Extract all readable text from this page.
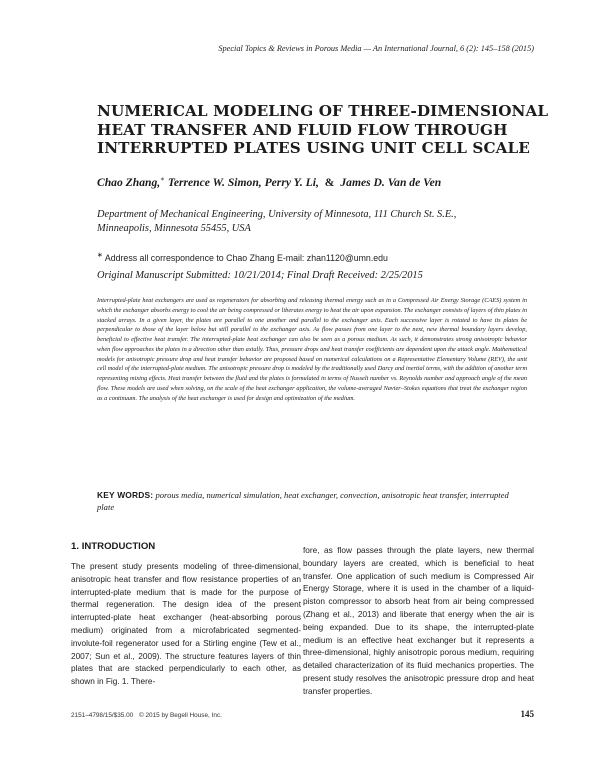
Special Topics & Reviews in Porous Media — An International Journal, 6 (2): 145–158 (2015)
NUMERICAL MODELING OF THREE-DIMENSIONAL
HEAT TRANSFER AND FLUID FLOW THROUGH
INTERRUPTED PLATES USING UNIT CELL SCALE
Chao Zhang,∗ Terrence W. Simon, Perry Y. Li, & James D. Van de Ven
Department of Mechanical Engineering, University of Minnesota, 111 Church St. S.E.,
Minneapolis, Minnesota 55455, USA
∗ Address all correspondence to Chao Zhang E-mail: zhan1120@umn.edu
Original Manuscript Submitted: 10/21/2014; Final Draft Received: 2/25/2015

Interrupted-plate heat exchangers are used as regenerators for absorbing and releasing thermal energy such as in a Compressed Air Energy Storage (CAES) system in which the exchanger absorbs energy to cool the air being compressed or liberates energy to heat the air upon expansion. The exchanger consists of layers of thin plates in stacked arrays. In a given layer, the plates are parallel to one another and parallel to the exchanger axis. Each successive layer is rotated to have its plates be perpendicular to those of the layer below but still parallel to the exchanger axis. As flow passes from one layer to the next, new thermal boundary layers develop, beneficial to effective heat transfer. The interrupted-plate heat exchanger can also be seen as a porous medium. As such, it demonstrates strong anisotropic behavior when flow approaches the plates in a direction other than axially. Thus, pressure drops and heat transfer coefficients are dependent upon the attack angle. Mathematical models for anisotropic pressure drop and heat transfer behavior are proposed based on numerical calculations on a Representative Elementary Volume (REV), the unit cell model of the interrupted-plate medium. The anisotropic pressure drop is modeled by the traditionally used Darcy and inertial terms, with the addition of another term representing mixing effects. Heat transfer between the fluid and the plates is formulated in terms of Nusselt number vs. Reynolds number and approach angle of the mean flow. These models are used when solving, on the scale of the heat exchanger application, the volume-averaged Navier–Stokes equations that treat the exchanger region as a continuum. The analysis of the heat exchanger is used for design and optimization of the medium.

KEY WORDS: porous media, numerical simulation, heat exchanger, convection, anisotropic heat transfer, interrupted plate

1. INTRODUCTION

The present study presents modeling of three-dimensional, anisotropic heat transfer and flow resistance properties of an interrupted-plate medium that is made for the purpose of thermal regeneration. The design idea of the present interrupted-plate heat exchanger (heat-absorbing porous medium) originated from a microfabricated segmented-involute-foil regenerator used for a Stirling engine (Tew et al., 2007; Sun et al., 2009). The structure features layers of thin plates that are stacked perpendicularly to each other, as shown in Fig. 1. There-

fore, as flow passes through the plate layers, new thermal boundary layers are created, which is beneficial to heat transfer. One application of such medium is Compressed Air Energy Storage, where it is used in the chamber of a liquid-piston compressor to absorb heat from air being compressed (Zhang et al., 2013) and liberate that energy when the air is being expanded. Due to its shape, the interrupted-plate medium is an effective heat exchanger but it represents a three-dimensional, highly anisotropic porous medium, requiring detailed characterization of its fluid mechanics properties. The present study resolves the anisotropic pressure drop and heat transfer properties.

2151–4798/15/$35.00 © 2015 by Begell House, Inc.	145
